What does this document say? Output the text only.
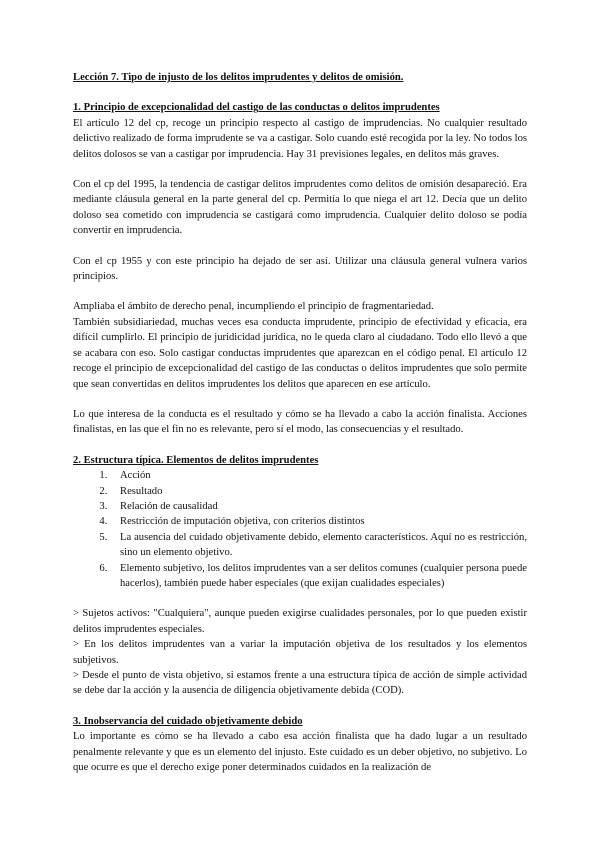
Lección 7. Tipo de injusto de los delitos imprudentes y delitos de omisión.

1. Principio de excepcionalidad del castigo de las conductas o delitos imprudentes

El artículo 12 del cp, recoge un principio respecto al castigo de imprudencias. No cualquier resultado delictivo realizado de forma imprudente se va a castigar. Solo cuando esté recogida por la ley. No todos los delitos dolosos se van a castigar por imprudencia. Hay 31 previsiones legales, en delitos más graves.

Con el cp del 1995, la tendencia de castigar delitos imprudentes como delitos de omisión desapareció. Era mediante cláusula general en la parte general del cp. Permitía lo que niega el art 12. Decía que un delito doloso sea cometido con imprudencia se castigará como imprudencia. Cualquier delito doloso se podía convertir en imprudencia.

Con el cp 1955 y con este principio ha dejado de ser así. Utilizar una cláusula general vulnera varios principios.

Ampliaba el ámbito de derecho penal, incumpliendo el principio de fragmentariedad.

También subsidiariedad, muchas veces esa conducta imprudente, principio de efectividad y eficacia, era difícil cumplirlo. El principio de juridicidad jurídica, no le queda claro al ciudadano. Todo ello llevó a que se acabara con eso. Solo castigar conductas imprudentes que aparezcan en el código penal. El artículo 12 recoge el principio de excepcionalidad del castigo de las conductas o delitos imprudentes que solo permite que sean convertidas en delitos imprudentes los delitos que aparecen en ese artículo.

Lo que interesa de la conducta es el resultado y cómo se ha llevado a cabo la acción finalista. Acciones finalistas, en las que el fin no es relevante, pero sí el modo, las consecuencias y el resultado.

2. Estructura típica. Elementos de delitos imprudentes

1. Acción
2. Resultado
3. Relación de causalidad
4. Restricción de imputación objetiva, con criterios distintos
5. La ausencia del cuidado objetivamente debido, elemento característicos. Aquí no es restricción, sino un elemento objetivo.
6. Elemento subjetivo, los delitos imprudentes van a ser delitos comunes (cualquier persona puede hacerlos), también puede haber especiales (que exijan cualidades especiales)

> Sujetos activos: "Cualquiera", aunque pueden exigirse cualidades personales, por lo que pueden existir delitos imprudentes especiales.

> En los delitos imprudentes van a variar la imputación objetiva de los resultados y los elementos subjetivos.

> Desde el punto de vista objetivo, si estamos frente a una estructura típica de acción de simple actividad se debe dar la acción y la ausencia de diligencia objetivamente debida (COD).

3. Inobservancia del cuidado objetivamente debido

Lo importante es cómo se ha llevado a cabo esa acción finalista que ha dado lugar a un resultado penalmente relevante y que es un elemento del injusto. Este cuidado es un deber objetivo, no subjetivo. Lo que ocurre es que el derecho exige poner determinados cuidados en la realización de
